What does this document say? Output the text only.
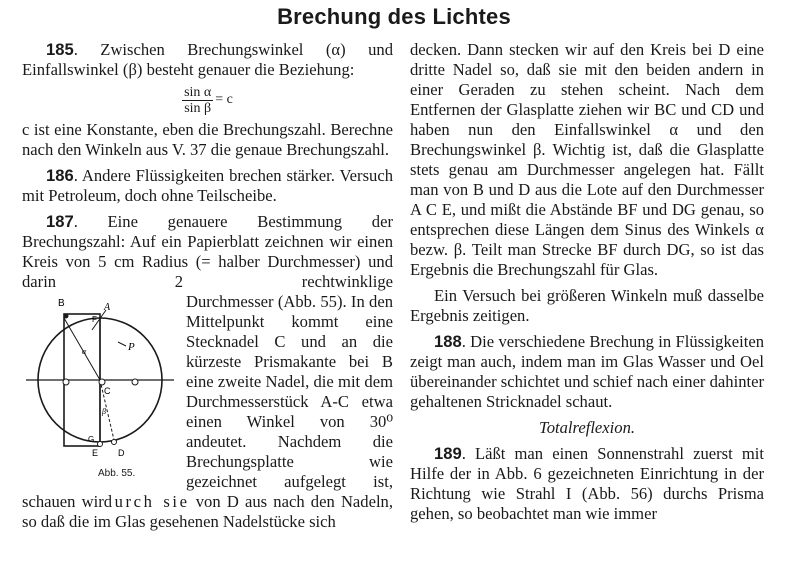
Brechung des Lichtes

185. Zwischen Brechungswinkel (α) und Einfallswinkel (β) besteht genauer die Beziehung:

$\frac{\text{sin α}}{\text{sin β}} = c$

c ist eine Konstante, eben die Brechungszahl. Berechne nach den Winkeln aus V. 37 die genaue Brechungszahl.

186. Andere Flüssigkeiten brechen stärker. Versuch mit Petroleum, doch ohne Teilscheibe.

187. Eine genauere Bestimmung der Brechungszahl: Auf ein Papierblatt zeichnen wir einen Kreis von 5 cm Radius (= halber Durchmesser) und darin 2 rechtwinklige Durch
B	A
P
C
E D
G
F
α
β
Abb. 55.
messer (Abb. 55). In den Mittelpunkt kommt eine Stecknadel C und an die kürzeste Prismakante bei B eine zweite Nadel, die mit dem Durchmesserstück A-C etwa einen Winkel von 30⁰ andeutet. Nachdem die Brechungsplatte wie gezeichnet aufgelegt ist, schauen wirdurch sie von D aus nach den Nadeln, so daß die im Glas gesehenen Nadelstücke sich

decken. Dann stecken wir auf den Kreis bei D eine dritte Nadel so, daß sie mit den beiden andern in einer Geraden zu stehen scheint. Nach dem Entfernen der Glasplatte ziehen wir BC und CD und haben nun den Einfallswinkel α und den Brechungswinkel β. Wichtig ist, daß die Glasplatte stets genau am Durchmesser angelegen hat. Fällt man von B und D aus die Lote auf den Durchmesser A C E, und mißt die Abstände BF und DG genau, so entsprechen diese Längen dem Sinus des Winkels α bezw. β. Teilt man Strecke BF durch DG, so ist das Ergebnis die Brechungszahl für Glas.

Ein Versuch bei größeren Winkeln muß dasselbe Ergebnis zeitigen.

188. Die verschiedene Brechung in Flüssigkeiten zeigt man auch, indem man im Glas Wasser und Oel übereinander schichtet und schief nach einer dahinter gehaltenen Stricknadel schaut.

Totalreflexion.

189. Läßt man einen Sonnenstrahl zuerst mit Hilfe der in Abb. 6 gezeichneten Einrichtung in der Richtung wie Strahl I (Abb. 56) durchs Prisma gehen, so beobachtet man wie immer
